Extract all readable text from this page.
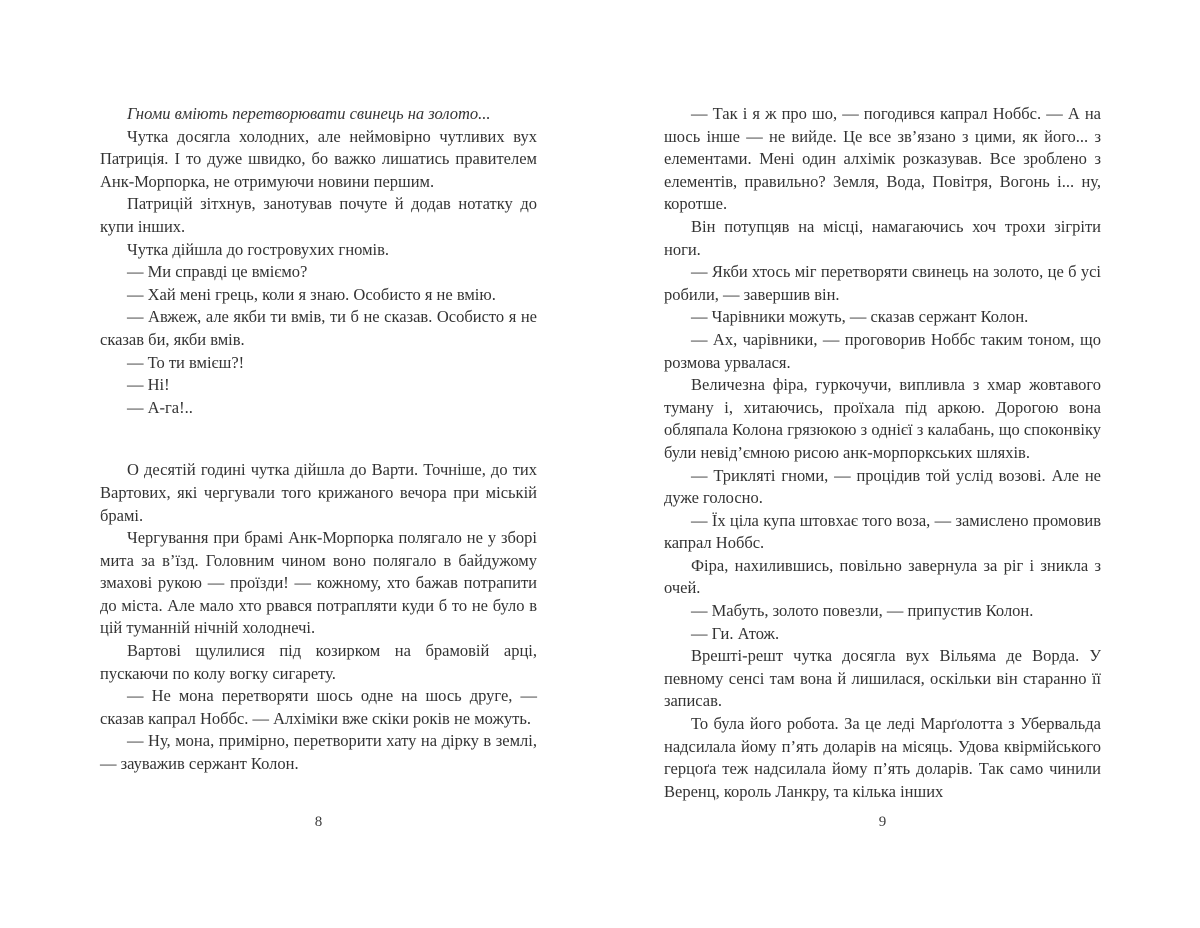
Гноми вміють перетворювати свинець на золото...

Чутка досягла холодних, але неймовірно чутливих вух Патриція. І то дуже швидко, бо важко лишатись правителем Анк-Морпорка, не отримуючи новини першим.

Патрицій зітхнув, занотував почуте й додав нотатку до купи інших.

Чутка дійшла до гостровухих гномів.

— Ми справді це вміємо?

— Хай мені грець, коли я знаю. Особисто я не вмію.

— Авжеж, але якби ти вмів, ти б не сказав. Особисто я не сказав би, якби вмів.

— То ти вмієш?!

— Ні!

— А-га!..

О десятій годині чутка дійшла до Варти. Точніше, до тих Вартових, які чергували того крижаного вечора при міській брамі.

Чергування при брамі Анк-Морпорка полягало не у зборі мита за в’їзд. Головним чином воно полягало в байдужому змахові рукою — проїзди! — кожному, хто бажав потрапити до міста. Але мало хто рвався потрапляти куди б то не було в цій туманній нічній холоднечі.

Вартові щулилися під козирком на брамовій арці, пускаючи по колу вогку сигарету.

— Не мона перетворяти шось одне на шось друге, — сказав капрал Ноббс. — Алхіміки вже скіки років не можуть.

— Ну, мона, примірно, перетворити хату на дірку в землі, — зауважив сержант Колон.

— Так і я ж про шо, — погодився капрал Ноббс. — А на шось інше — не вийде. Це все зв’язано з цими, як його... з елементами. Мені один алхімік розказував. Все зроблено з елементів, правильно? Земля, Вода, Повітря, Вогонь і... ну, коротше.

Він потупцяв на місці, намагаючись хоч трохи зігріти ноги.

— Якби хтось міг перетворяти свинець на золото, це б усі робили, — завершив він.

— Чарівники можуть, — сказав сержант Колон.

— Ах, чарівники, — проговорив Ноббс таким тоном, що розмова урвалася.

Величезна фіра, гуркочучи, випливла з хмар жовтавого туману і, хитаючись, проїхала під аркою. Дорогою вона обляпала Колона грязюкою з однієї з калабань, що споконвіку були невід’ємною рисою анк-морпоркських шляхів.

— Трикляті гноми, — процідив той услід возові. Але не дуже голосно.

— Їх ціла купа штовхає того воза, — замислено промовив капрал Ноббс.

Фіра, нахилившись, повільно завернула за ріг і зникла з очей.

— Мабуть, золото повезли, — припустив Колон.

— Ги. Атож.

Врешті-решт чутка досягла вух Вільяма де Ворда. У певному сенсі там вона й лишилася, оскільки він старанно її записав.

То була його робота. За це леді Марґолотта з Убервальда надсилала йому п’ять доларів на місяць. Удова квірмійського герцоґа теж надсилала йому п’ять доларів. Так само чинили Веренц, король Ланкру, та кілька інших

8	9
